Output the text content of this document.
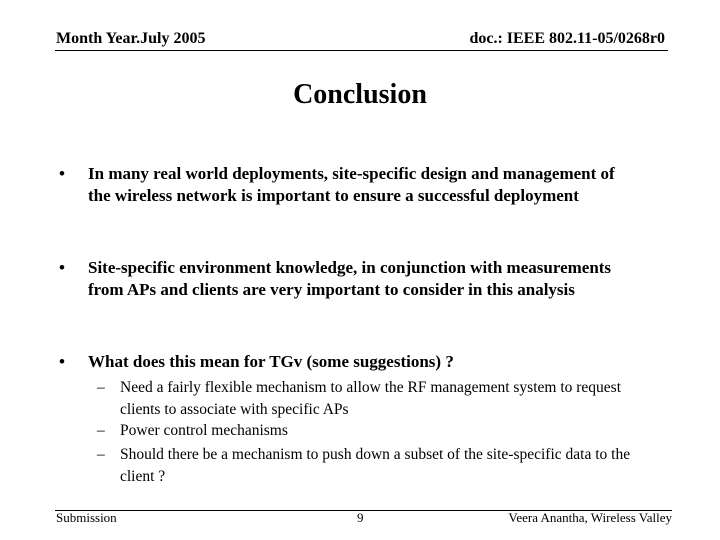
Month Year.July 2005	doc.: IEEE 802.11-05/0268r0
Conclusion
• In many real world deployments, site-specific design and management of the wireless network is important to ensure a successful deployment
• Site-specific environment knowledge, in conjunction with measurements from APs and clients are very important to consider in this analysis
• What does this mean for TGv (some suggestions) ?
– Need a fairly flexible mechanism to allow the RF management system to request clients to associate with specific APs
– Power control mechanisms
– Should there be a mechanism to push down a subset of the site-specific data to the client ?
Submission	9	Veera Anantha, Wireless Valley
